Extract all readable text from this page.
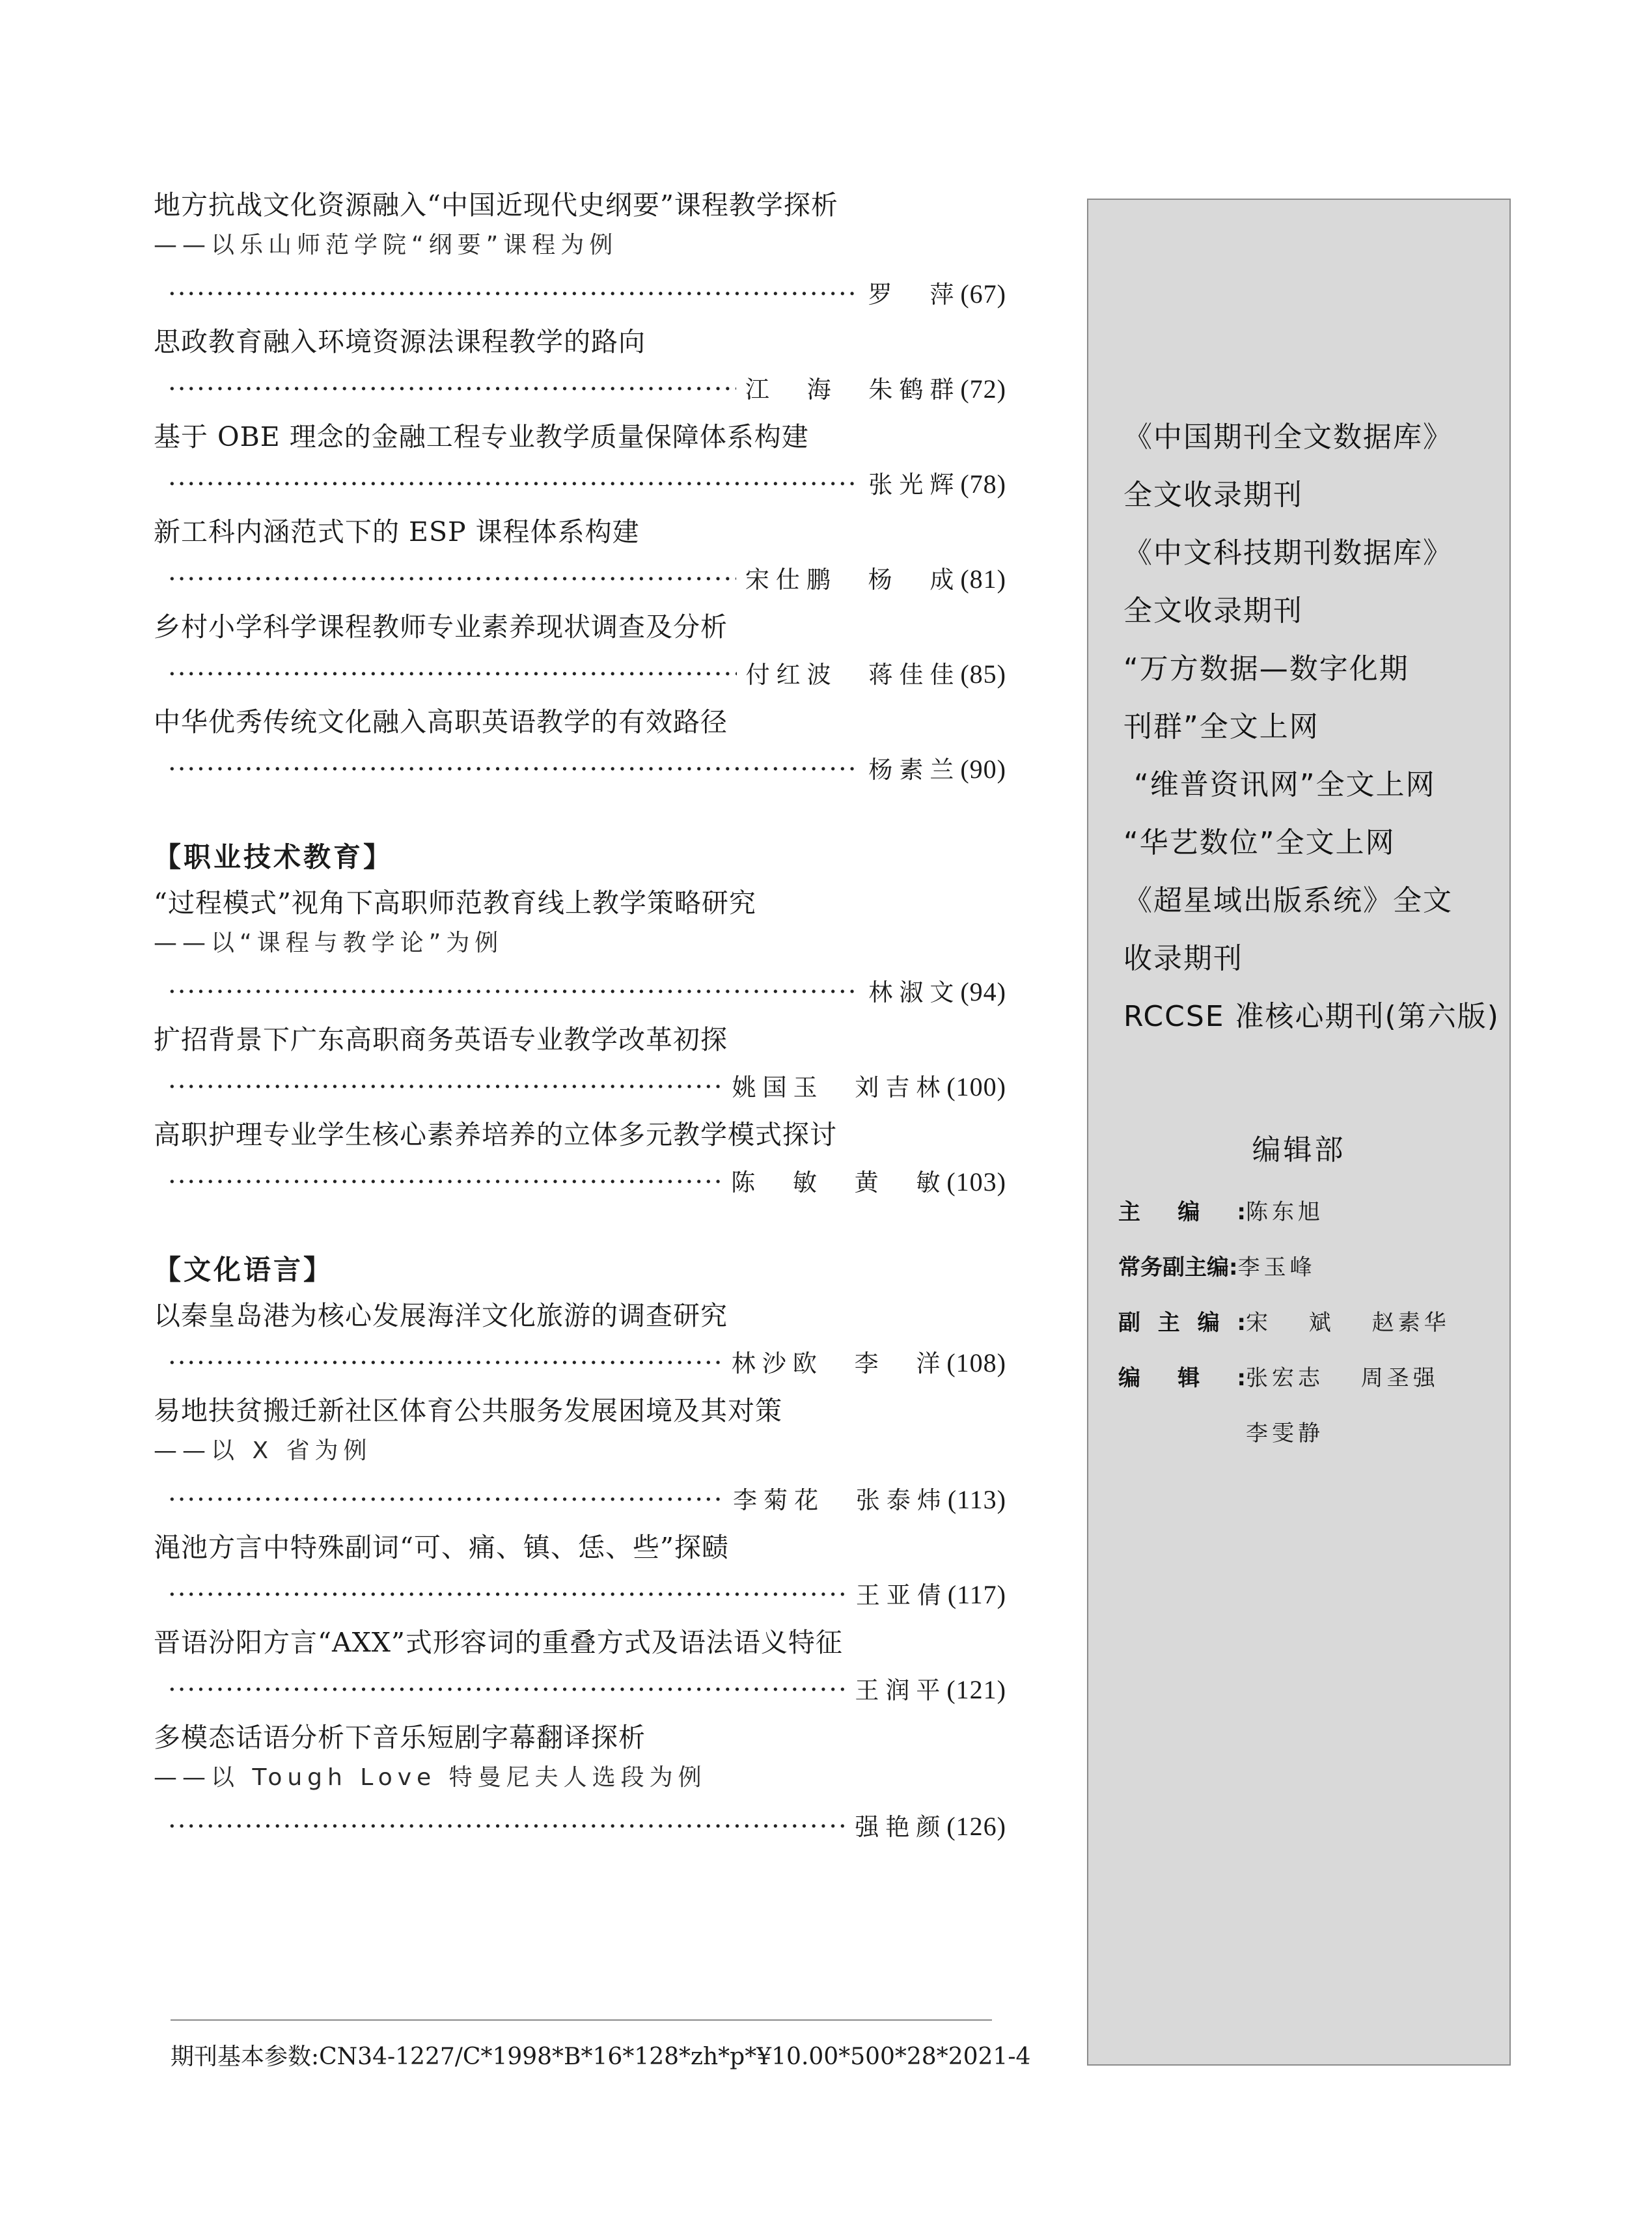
地方抗战文化资源融入“中国近现代史纲要”课程教学探析
——以乐山师范学院“纲要”课程为例
·····
罗 萍(67)
思政教育融入环境资源法课程教学的路向
·····
江 海 朱鹤群(72)
基于 OBE 理念的金融工程专业教学质量保障体系构建
·····
张光辉(78)
新工科内涵范式下的 ESP 课程体系构建
·····
宋仕鹏 杨 成(81)
乡村小学科学课程教师专业素养现状调查及分析
·····
付红波 蒋佳佳(85)
中华优秀传统文化融入高职英语教学的有效路径
·····
杨素兰(90)
【职业技术教育】
“过程模式”视角下高职师范教育线上教学策略研究
——以“课程与教学论”为例
·····
林淑文(94)
扩招背景下广东高职商务英语专业教学改革初探
·····
姚国玉 刘吉林(100)
高职护理专业学生核心素养培养的立体多元教学模式探讨
·····
陈 敏 黄 敏(103)
【文化语言】
以秦皇岛港为核心发展海洋文化旅游的调查研究
·····
林沙欧 李 洋(108)
易地扶贫搬迁新社区体育公共服务发展困境及其对策
——以 X 省为例
·····
李菊花 张泰炜(113)
渑池方言中特殊副词“可、痛、镇、恁、些”探赜
·····
王亚倩(117)
晋语汾阳方言“AXX”式形容词的重叠方式及语法语义特征
·····
王润平(121)
多模态话语分析下音乐短剧字幕翻译探析
——以 Tough Love 特曼尼夫人选段为例
·····
强艳颜(126)
期刊基本参数:CN34-1227/C*1998*B*16*128*zh*p*¥10.00*500*28*2021-4
《中国期刊全文数据库》
全文收录期刊
《中文科技期刊数据库》
全文收录期刊
“万方数据—数字化期
刊群”全文上网
“维普资讯网”全文上网
“华艺数位”全文上网
《超星域出版系统》全文
收录期刊
RCCSE 准核心期刊(第六版)
编辑部
主编:陈东旭
常务副主编:李玉峰
副主编:宋 斌 赵素华
编辑:张宏志 周圣强
李雯静
